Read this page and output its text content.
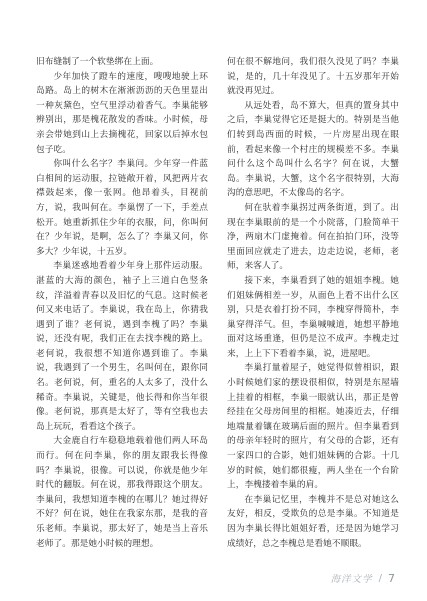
旧布缝制了一个软垫绑在上面。

少年加快了蹬车的速度，嗖嗖地驶上环岛路。岛上的树木在淅淅沥沥的天色里显出一种灰黛色，空气里浮动着香气。李巢能够辨别出，那是槐花散发的香味。小时候，母亲会带她到山上去摘槐花，回家以后掉水包包子吃。

你叫什么名字？李巢问。少年穿一件蓝白相间的运动服，拉链敞开着，风把两片衣襟鼓起来，像一张网。他昂着头，目视前方，说，我叫何在。李巢愣了一下，手差点松开。她重新抓住少年的衣服，问，你叫何在？少年说，是啊，怎么了？李巢又问，你多大？少年说，十五岁。

李巢迷惑地看着少年身上那件运动服。湛蓝的大海的颜色，袖子上三道白色竖条纹，洋溢着青春以及旧忆的气息。这时候老何又来电话了。李巢说，我在岛上，你猜我遇到了谁？老何说，遇到李槐了吗？李巢说，还没有呢，我们正在去找李槐的路上。老何说，我很想不知道你遇到谁了。李巢说，我遇到了一个男生，名叫何在，跟你同名。老何说，何，重名的人太多了，没什么稀奇。李巢说，关键是，他长得和你当年很像。老何说，那真是太好了，等有空我也去岛上玩玩，看看这个孩子。

大金鹿自行车稳稳地载着他们两人环岛而行。何在问李巢，你的朋友跟我长得像吗？李巢说，很像。可以说，你就是他少年时代的翻版。何在说，那我得跟这个朋友。李巢问，我想知道李槐的在哪儿？她过得好不好？何在说，她住在我家东那，是我的音乐老师。李巢说，那太好了，她是当上音乐老师了。那是她小时候的理想。

何在很不解地问，我们很久没见了吗？李巢说，是的，几十年没见了。十五岁那年开始就没再见过。

从远处看，岛不算大，但真的置身其中之后，李巢觉得它还是挺大的。特别是当他们转到岛西面的时候，一片房屋出现在眼前，看起来像一个村庄的规模差不多。李巢问什么这个岛叫什么名字？何在说，大蟹岛。李巢说，大蟹，这个名字很特别，大海沟的意思吧，不太像岛的名字。

何在驮着李巢拐过两条街道，到了。出现在李巢眼前的是一个小院落，门脸简单干净，两扇木门虚掩着。何在拍拍门环，没等里面回应就走了进去，边走边说，老师，老师，来客人了。

接下来，李巢看到了她的姐姐李槐。她们姐妹俩相差一岁，从面色上看不出什么区别，只是衣着打扮不同，李槐穿得简朴，李巢穿得洋气。但，李巢喊喊道，她想平静地面对这场重逢，但仍是泣不成声。李槐走过来，上上下下看着李巢，说，进屋吧。

李巢打量着屋子，她觉得似曾相识，跟小时候她们家的摆设很相似，特别是东屋墙上挂着的相框，李巢一眼就认出，那正是曾经挂在父母房间里的相框。她凑近去，仔细地端量着镶在玻璃后面的照片。但李巢看到的母亲年轻时的照片，有父母的合影，还有一家四口的合影，她们姐妹俩的合影。十几岁的时候，她们都很瘦，两人坐在一个台阶上，李槐搂着李巢的肩。

在李巢记忆里，李槐并不是总对她这么友好，相反，受欺负的总是李巢。不知道是因为李巢长得比姐姐好看，还是因为她学习成绩好，总之李槐总是看她不顺眼。

海洋文学 / 7
